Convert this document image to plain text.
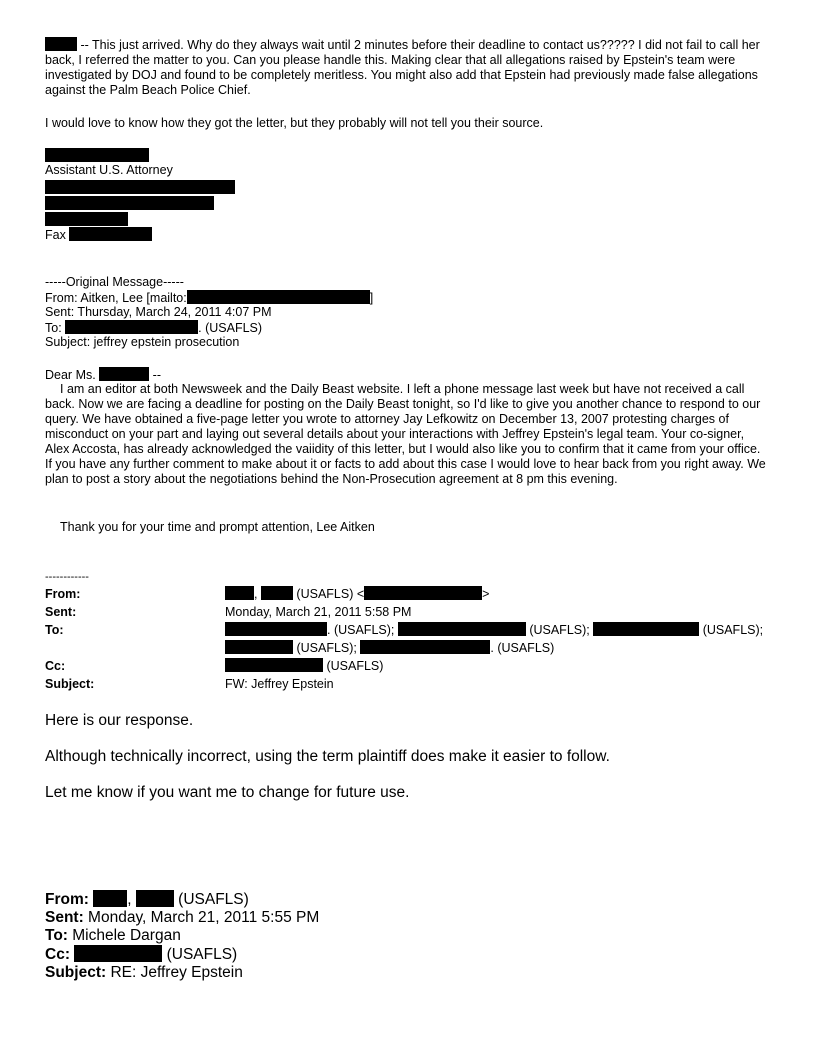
-- This just arrived. Why do they always wait until 2 minutes before their deadline to contact us????? I did not fail to call her back, I referred the matter to you. Can you please handle this. Making clear that all allegations raised by Epstein's team were investigated by DOJ and found to be completely meritless. You might also add that Epstein had previously made false allegations against the Palm Beach Police Chief.

I would love to know how they got the letter, but they probably will not tell you their source.

Assistant U.S. Attorney
Fax
-----Original Message-----
From: Aitken, Lee [mailto:	]
Sent: Thursday, March 24, 2011 4:07 PM
To:	. (USAFLS)
Subject: jeffrey epstein prosecution
Dear Ms.	--

I am an editor at both Newsweek and the Daily Beast website. I left a phone message last week but have not received a call back. Now we are facing a deadline for posting on the Daily Beast tonight, so I'd like to give you another chance to respond to our query. We have obtained a five-page letter you wrote to attorney Jay Lefkowitz on December 13, 2007 protesting charges of misconduct on your part and laying out several details about your interactions with Jeffrey Epstein's legal team. Your co-signer, Alex Accosta, has already acknowledged the vaiidity of this letter, but I would also like you to confirm that it came from your office. If you have any further comment to make about it or facts to add about this case I would love to hear back from you right away. We plan to post a story about the negotiations behind the Non-Prosecution agreement at 8 pm this evening.

Thank you for your time and prompt attention, Lee Aitken

------------
From:	,	(USAFLS) <	>
Sent:	Monday, March 21, 2011 5:58 PM
To:	. (USAFLS);	(USAFLS);	(USAFLS);
(USAFLS);	. (USAFLS)
Cc:	(USAFLS)
Subject:	FW: Jeffrey Epstein
Here is our response.
Although technically incorrect, using the term plaintiff does make it easier to follow.
Let me know if you want me to change for future use.
From: ,  (USAFLS)
Sent: Monday, March 21, 2011 5:55 PM
To: Michele Dargan
Cc:	(USAFLS)
Subject: RE: Jeffrey Epstein
